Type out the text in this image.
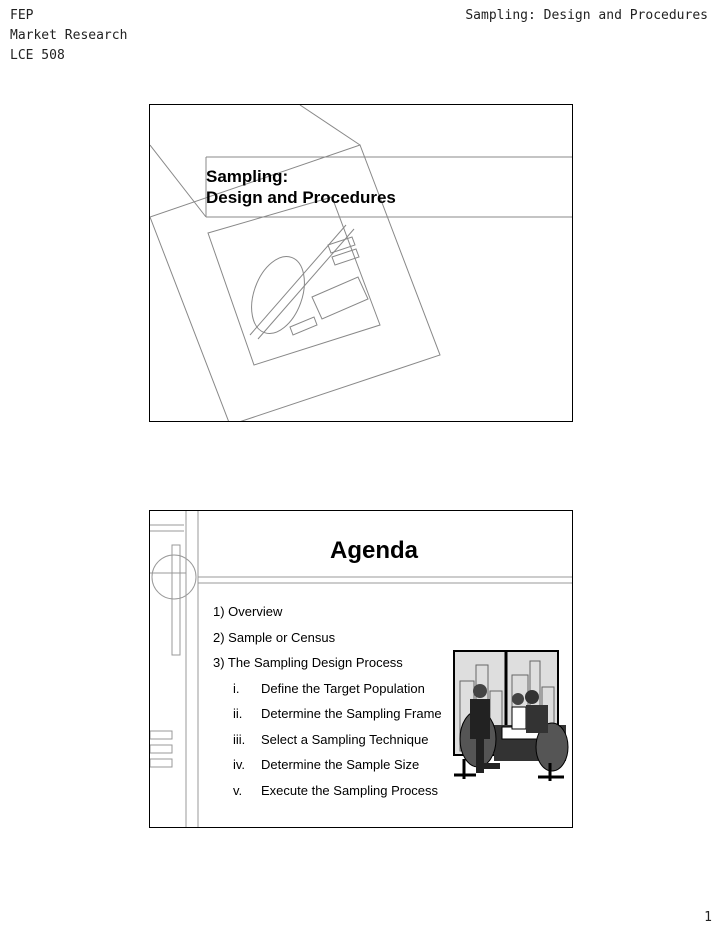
FEP
Market Research
LCE 508
Sampling: Design and Procedures
Sampling:
Design and Procedures
Agenda
1) Overview
2) Sample or Census
3) The Sampling Design Process
i. Define the Target Population
ii. Determine the Sampling Frame
iii. Select a Sampling Technique
iv. Determine the Sample Size
v. Execute the Sampling Process
1
